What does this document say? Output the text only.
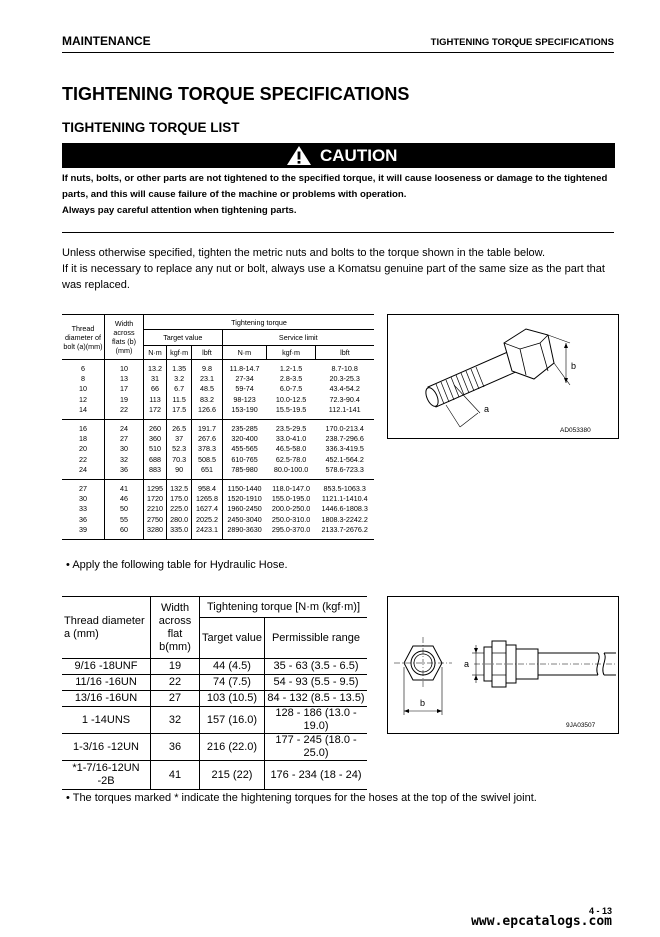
MAINTENANCE	TIGHTENING TORQUE SPECIFICATIONS
TIGHTENING TORQUE SPECIFICATIONS
TIGHTENING TORQUE LIST
CAUTION
If nuts, bolts, or other parts are not tightened to the specified torque, it will cause looseness or damage to the tightened parts, and this will cause failure of the machine or problems with operation.
Always pay careful attention when tightening parts.
Unless otherwise specified, tighten the metric nuts and bolts to the torque shown in the table below.
If it is necessary to replace any nut or bolt, always use a Komatsu genuine part of the same size as the part that was replaced.
Thread diameter of bolt (a)(mm)	Width across flats (b)(mm)	Tightening torque					
		Target value			Service limit		
		N·m	kgf·m	lbft	N·m	kgf·m	lbft
6	10	13.2	1.35	9.8	11.8-14.7	1.2-1.5	8.7-10.8
8	13	31	3.2	23.1	27-34	2.8-3.5	20.3-25.3
10	17	66	6.7	48.5	59-74	6.0-7.5	43.4-54.2
12	19	113	11.5	83.2	98-123	10.0-12.5	72.3-90.4
14	22	172	17.5	126.6	153-190	15.5-19.5	112.1-141
16	24	260	26.5	191.7	235-285	23.5-29.5	170.0-213.4
18	27	360	37	267.6	320-400	33.0-41.0	238.7-296.6
20	30	510	52.3	378.3	455-565	46.5-58.0	336.3-419.5
22	32	688	70.3	508.5	610-765	62.5-78.0	452.1-564.2
24	36	883	90	651	785-980	80.0-100.0	578.6-723.3
27	41	1295	132.5	958.4	1150-1440	118.0-147.0	853.5-1063.3
30	46	1720	175.0	1265.8	1520-1910	155.0-195.0	1121.1-1410.4
33	50	2210	225.0	1627.4	1960-2450	200.0-250.0	1446.6-1808.3
36	55	2750	280.0	2025.2	2450-3040	250.0-310.0	1808.3-2242.2
39	60	3280	335.0	2423.1	2890-3630	295.0-370.0	2133.7-2676.2
b
a
AD053380
• Apply the following table for Hydraulic Hose.
Thread diameter a (mm)	Width across flat b(mm)	Tightening torque [N·m (kgf·m)]	
		Target value	Permissible range
9/16 -18UNF	19	44 (4.5)	35 - 63 (3.5 - 6.5)
11/16 -16UN	22	74 (7.5)	54 - 93 (5.5 - 9.5)
13/16 -16UN	27	103 (10.5)	84 - 132 (8.5 - 13.5)
1 -14UNS	32	157 (16.0)	128 - 186 (13.0 - 19.0)
1-3/16 -12UN	36	216 (22.0)	177 - 245 (18.0 - 25.0)
*1-7/16-12UN -2B	41	215 (22)	176 - 234 (18 - 24)
b
a
9JA03507
• The torques marked * indicate the hightening torques for the hoses at the top of the swivel joint.
4 - 13
www.epcatalogs.com
